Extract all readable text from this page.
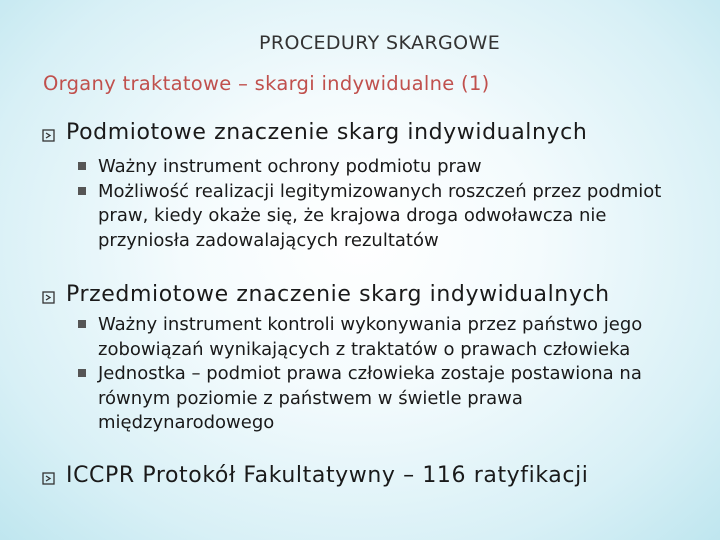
PROCEDURY SKARGOWE
Organy traktatowe – skargi indywidualne (1)
Podmiotowe znaczenie skarg indywidualnych
Ważny instrument ochrony podmiotu praw
Możliwość realizacji legitymizowanych roszczeń przez podmiot praw, kiedy okaże się, że krajowa droga odwoławcza nie przyniosła zadowalających rezultatów
Przedmiotowe znaczenie skarg indywidualnych
Ważny instrument kontroli wykonywania przez państwo jego zobowiązań wynikających z traktatów o prawach człowieka
Jednostka – podmiot prawa człowieka zostaje postawiona na równym poziomie z państwem w świetle prawa międzynarodowego
ICCPR Protokół Fakultatywny – 116 ratyfikacji
